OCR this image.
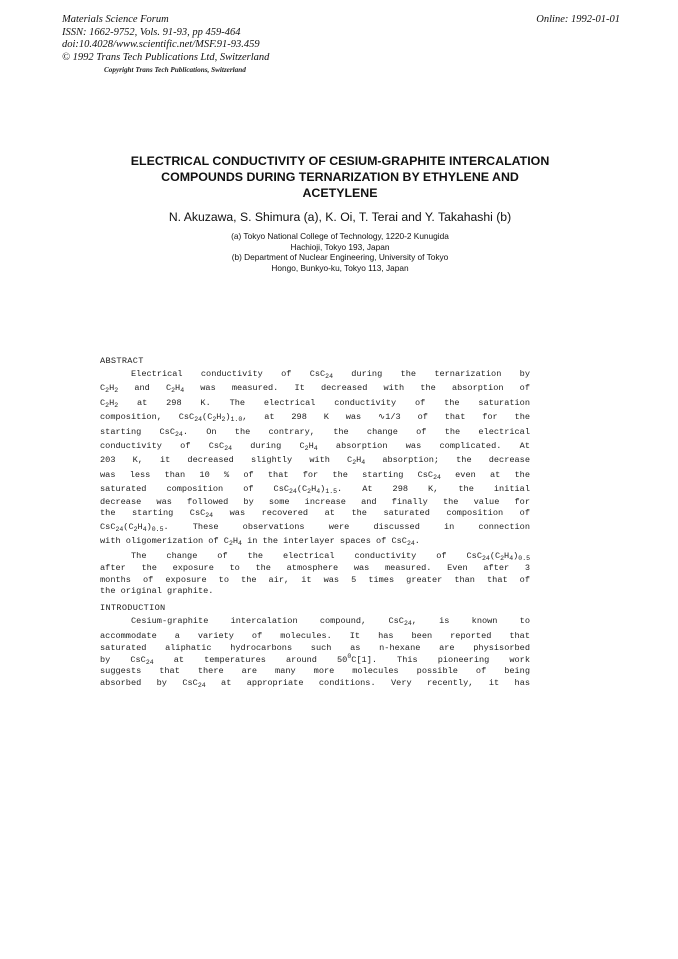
Materials Science Forum
ISSN: 1662-9752, Vols. 91-93, pp 459-464
doi:10.4028/www.scientific.net/MSF.91-93.459
© 1992 Trans Tech Publications Ltd, Switzerland
Online: 1992-01-01
Copyright Trans Tech Publications, Switzerland
ELECTRICAL CONDUCTIVITY OF CESIUM-GRAPHITE INTERCALATION
COMPOUNDS DURING TERNARIZATION BY ETHYLENE AND
ACETYLENE
N. Akuzawa, S. Shimura (a), K. Oi, T. Terai and Y. Takahashi (b)
(a) Tokyo National College of Technology, 1220-2 Kunugida
Hachioji, Tokyo 193, Japan
(b) Department of Nuclear Engineering, University of Tokyo
Hongo, Bunkyo-ku, Tokyo 113, Japan
ABSTRACT
Electrical conductivity of CsC$_{24}$ during the ternarization by
$C_2H_2$ and $C_2H_4$ was measured. It decreased with the absorption of
$C_2H_2$ at 298 K. The electrical conductivity of the saturation
composition, $CsC_{24}(C_2H_2)_{1.0}$, at 298 K was ∿1/3 of that for the
starting CsC$_{24}$. On the contrary, the change of the electrical
conductivity of CsC$_{24}$ during $C_2H_4$ absorption was complicated. At
203 K, it decreased slightly with $C_2H_4$ absorption; the decrease
was less than 10 % of that for the starting CsC$_{24}$ even at the
saturated composition of $CsC_{24}(C_2H_4)_{1.5}$. At 298 K, the initial
decrease was followed by some increase and finally the value for
the starting CsC$_{24}$ was recovered at the saturated composition of
$CsC_{24}(C_2H_4)_{0.5}$. These observations were discussed in connection
with oligomerization of $C_2H_4$ in the interlayer spaces of CsC$_{24}$.
The change of the electrical conductivity of $CsC_{24}(C_2H_4)_{0.5}$
after the exposure to the atmosphere was measured. Even after 3
months of exposure to the air, it was 5 times greater than that of
the original graphite.
INTRODUCTION
Cesium-graphite intercalation compound, CsC$_{24}$, is known to
accommodate a variety of molecules. It has been reported that
saturated aliphatic hydrocarbons such as n-hexane are physisorbed
by CsC$_{24}$ at temperatures around $50^0C[1]$. This pioneering work
suggests that there are many more molecules possible of being
absorbed by CsC$_{24}$ at appropriate conditions. Very recently, it has
